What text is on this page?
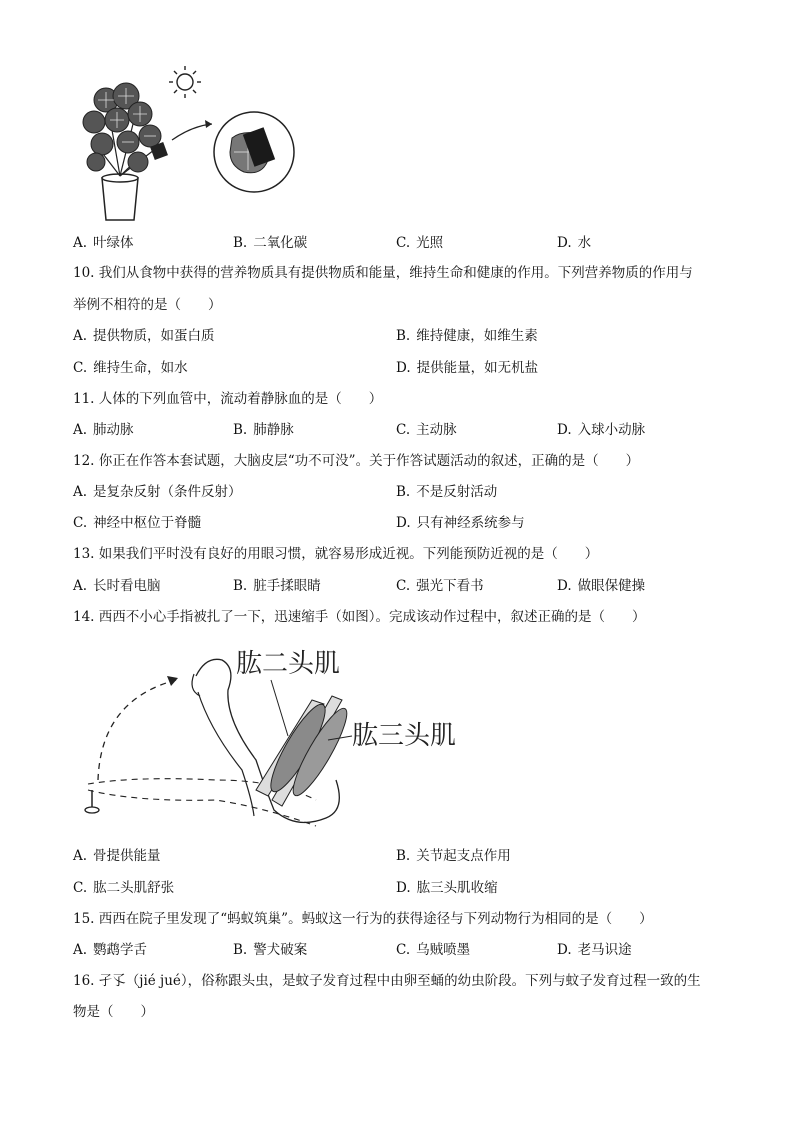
A. 叶绿体	B. 二氧化碳	C. 光照	D. 水
10. 我们从食物中获得的营养物质具有提供物质和能量，维持生命和健康的作用。下列营养物质的作用与
举例不相符的是（　　）
A. 提供物质，如蛋白质	B. 维持健康，如维生素
C. 维持生命，如水	D. 提供能量，如无机盐
11. 人体的下列血管中，流动着静脉血的是（　　）
A. 肺动脉	B. 肺静脉	C. 主动脉	D. 入球小动脉
12. 你正在作答本套试题，大脑皮层“功不可没”。关于作答试题活动的叙述，正确的是（　　）
A. 是复杂反射（条件反射）	B. 不是反射活动
C. 神经中枢位于脊髓	D. 只有神经系统参与
13. 如果我们平时没有良好的用眼习惯，就容易形成近视。下列能预防近视的是（　　）
A. 长时看电脑	B. 脏手揉眼睛	C. 强光下看书	D. 做眼保健操
14. 西西不小心手指被扎了一下，迅速缩手（如图）。完成该动作过程中，叙述正确的是（　　）
肱二头肌
肱三头肌
A. 骨提供能量	B. 关节起支点作用
C. 肱二头肌舒张	D. 肱三头肌收缩
15. 西西在院子里发现了“蚂蚁筑巢”。蚂蚁这一行为的获得途径与下列动物行为相同的是（　　）
A. 鹦鹉学舌	B. 警犬破案	C. 乌贼喷墨	D. 老马识途
16. 孑孓（jié jué），俗称跟头虫，是蚊子发育过程中由卵至蛹的幼虫阶段。下列与蚊子发育过程一致的生
物是（　　）
